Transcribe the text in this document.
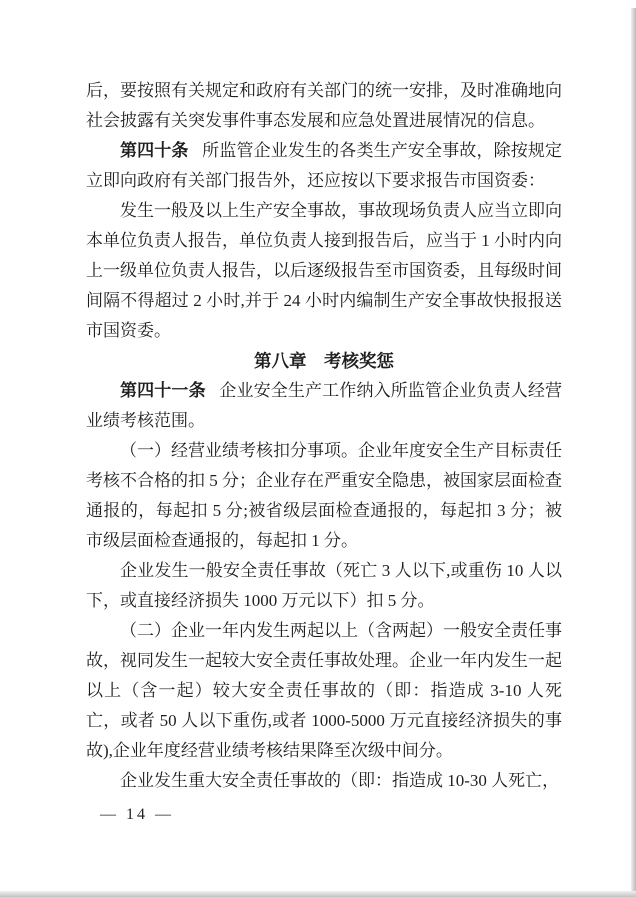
后，要按照有关规定和政府有关部门的统一安排，及时准确地向社会披露有关突发事件事态发展和应急处置进展情况的信息。

第四十条 所监管企业发生的各类生产安全事故，除按规定立即向政府有关部门报告外，还应按以下要求报告市国资委：

发生一般及以上生产安全事故，事故现场负责人应当立即向本单位负责人报告，单位负责人接到报告后，应当于 1 小时内向上一级单位负责人报告，以后逐级报告至市国资委，且每级时间间隔不得超过 2 小时,并于 24 小时内编制生产安全事故快报报送市国资委。

第八章　考核奖惩

第四十一条 企业安全生产工作纳入所监管企业负责人经营业绩考核范围。

（一）经营业绩考核扣分事项。企业年度安全生产目标责任考核不合格的扣 5 分；企业存在严重安全隐患，被国家层面检查通报的，每起扣 5 分;被省级层面检查通报的，每起扣 3 分；被市级层面检查通报的，每起扣 1 分。

企业发生一般安全责任事故（死亡 3 人以下,或重伤 10 人以下，或直接经济损失 1000 万元以下）扣 5 分。

（二）企业一年内发生两起以上（含两起）一般安全责任事故，视同发生一起较大安全责任事故处理。企业一年内发生一起以上（含一起）较大安全责任事故的（即：指造成 3-10 人死亡，或者 50 人以下重伤,或者 1000-5000 万元直接经济损失的事故),企业年度经营业绩考核结果降至次级中间分。

企业发生重大安全责任事故的（即：指造成 10-30 人死亡，

— 14 —
